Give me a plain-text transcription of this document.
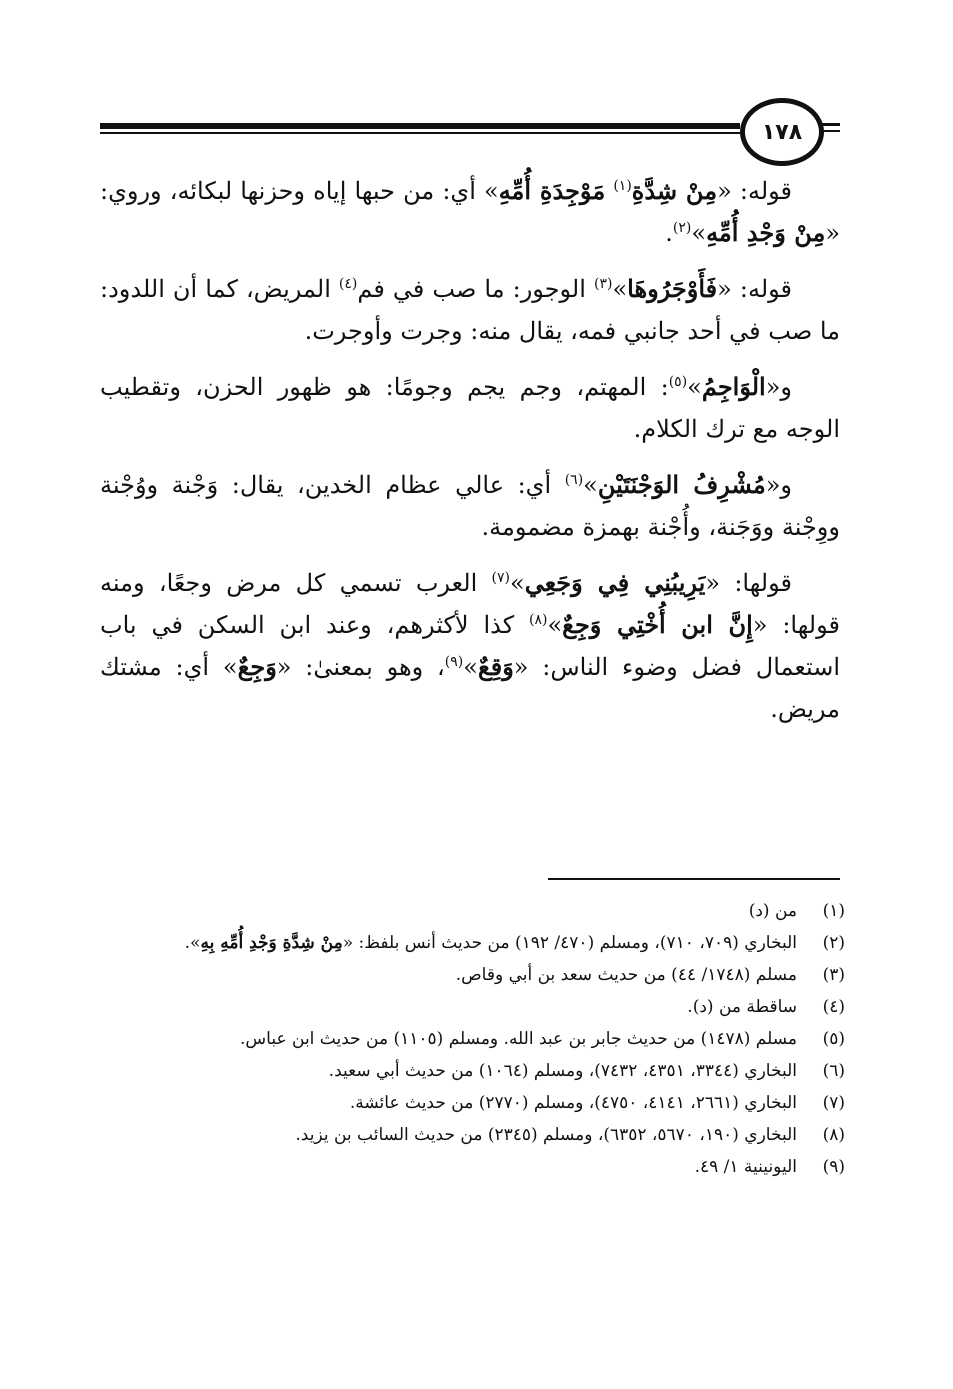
١٧٨

قوله: «مِنْ شِدَّةِ$^{(١)}$ مَوْجِدَةِ أُمِّهِ» أي: من حبها إياه وحزنها لبكائه، وروي: «مِنْ وَجْدِ أُمِّهِ»$^{(٢)}$.

قوله: «فَأَوْجَرُوهَا»$^{(٣)}$ الوجور: ما صب في فم$^{(٤)}$ المريض، كما أن اللدود: ما صب في أحد جانبي فمه، يقال منه: وجرت وأوجرت.

و«الْوَاجِمُ»$^{(٥)}$: المهتم، وجم يجم وجومًا: هو ظهور الحزن، وتقطيب الوجه مع ترك الكلام.

و«مُشْرِفُ الوَجْنَتَيْنِ»$^{(٦)}$ أي: عالي عظام الخدين، يقال: وَجْنة ووُجْنة ووِجْنة ووَجَنة، وأُجْنة بهمزة مضمومة.

قولها: «يَرِيبُنِي فِي وَجَعِي»$^{(٧)}$ العرب تسمي كل مرض وجعًا، ومنه قولها: «إِنَّ ابن أُخْتِي وَجِعٌ»$^{(٨)}$ كذا لأكثرهم، وعند ابن السكن في باب استعمال فضل وضوء الناس: «وَقِعٌ»$^{(٩)}$، وهو بمعنىٰ: «وَجِعٌ» أي: مشتك مريض.

(١)
من (د)
(٢)
البخاري (٧٠٩، ٧١٠)، ومسلم (٤٧٠/ ١٩٢) من حديث أنس بلفظ: «مِنْ شِدَّةِ وَجْدِ أُمِّهِ بِهِ».
(٣)
مسلم (١٧٤٨/ ٤٤) من حديث سعد بن أبي وقاص.
(٤)
ساقطة من (د).
(٥)
مسلم (١٤٧٨) من حديث جابر بن عبد الله. ومسلم (١١٠٥) من حديث ابن عباس.
(٦)
البخاري (٣٣٤٤، ٤٣٥١، ٧٤٣٢)، ومسلم (١٠٦٤) من حديث أبي سعيد.
(٧)
البخاري (٢٦٦١، ٤١٤١، ٤٧٥٠)، ومسلم (٢٧٧٠) من حديث عائشة.
(٨)
البخاري (١٩٠، ٥٦٧٠، ٦٣٥٢)، ومسلم (٢٣٤٥) من حديث السائب بن يزيد.
(٩)
اليونينية ١/ ٤٩.
